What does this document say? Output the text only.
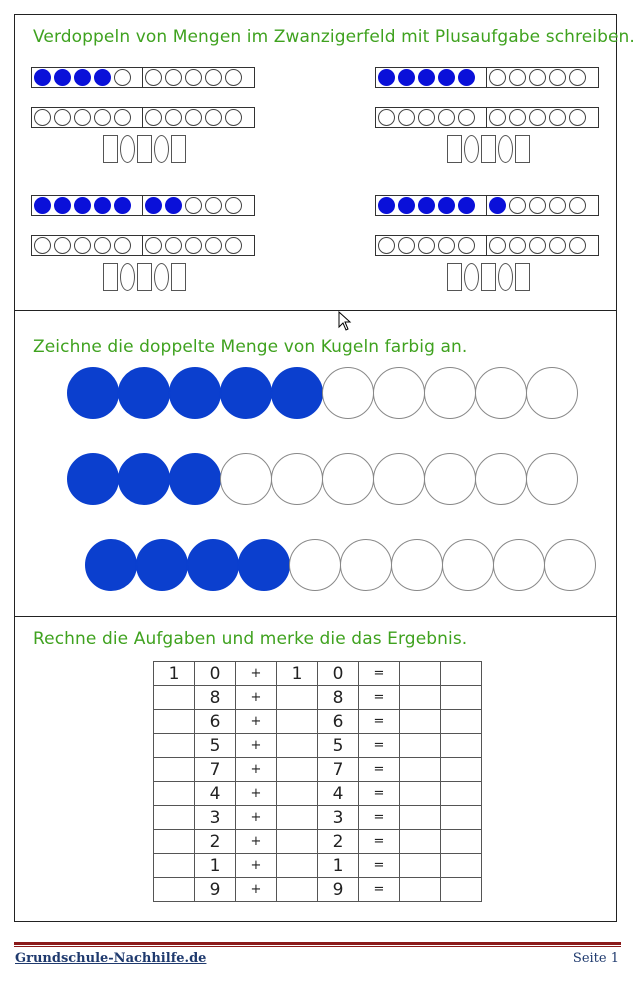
Verdoppeln von Mengen im Zwanzigerfeld mit Plusaufgabe schreiben.
Zeichne die doppelte Menge von Kugeln farbig an.
Rechne die Aufgaben und merke die das Ergebnis.
1	0	+	1	0	=		
	8	+		8	=		
	6	+		6	=		
	5	+		5	=		
	7	+		7	=		
	4	+		4	=		
	3	+		3	=		
	2	+		2	=		
	1	+		1	=		
	9	+		9	=		
Grundschule-Nachhilfe.de	Seite 1
